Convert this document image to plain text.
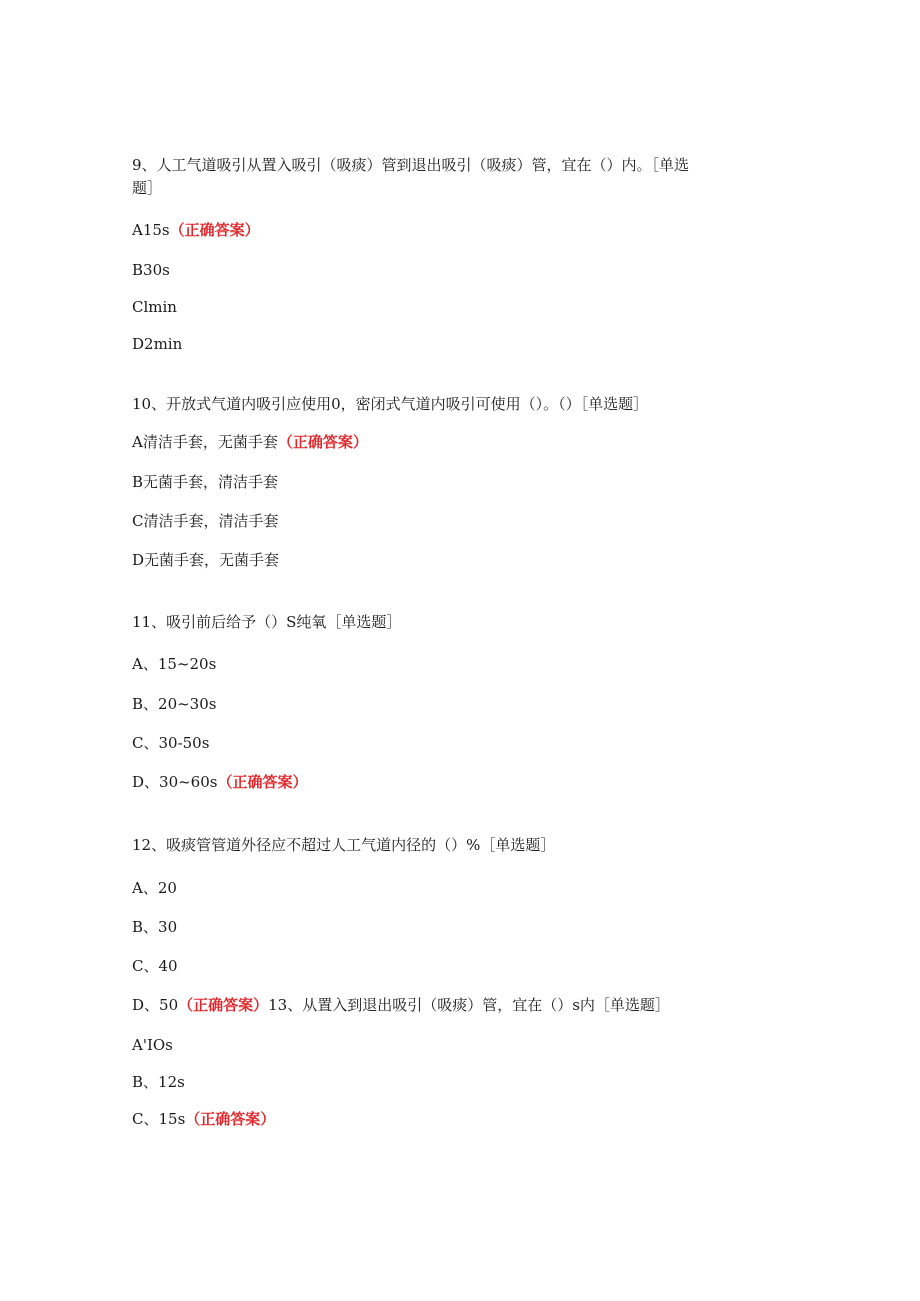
9、人工气道吸引从置入吸引（吸痰）管到退出吸引（吸痰）管，宜在（）内。［单选
题］
A15s（正确答案）
B30s
Clmin
D2min
10、开放式气道内吸引应使用0，密闭式气道内吸引可使用（）。（）［单选题］
A清洁手套，无菌手套（正确答案）
B无菌手套，清洁手套
C清洁手套，清洁手套
D无菌手套，无菌手套
11、吸引前后给予（）S纯氧［单选题］
A、15~20s
B、20~30s
C、30-50s
D、30~60s（正确答案）
12、吸痰管管道外径应不超过人工气道内径的（）%［单选题］
A、20
B、30
C、40
D、50（正确答案）13、从置入到退出吸引（吸痰）管，宜在（）s内［单选题］
A'IOs
B、12s
C、15s（正确答案）
